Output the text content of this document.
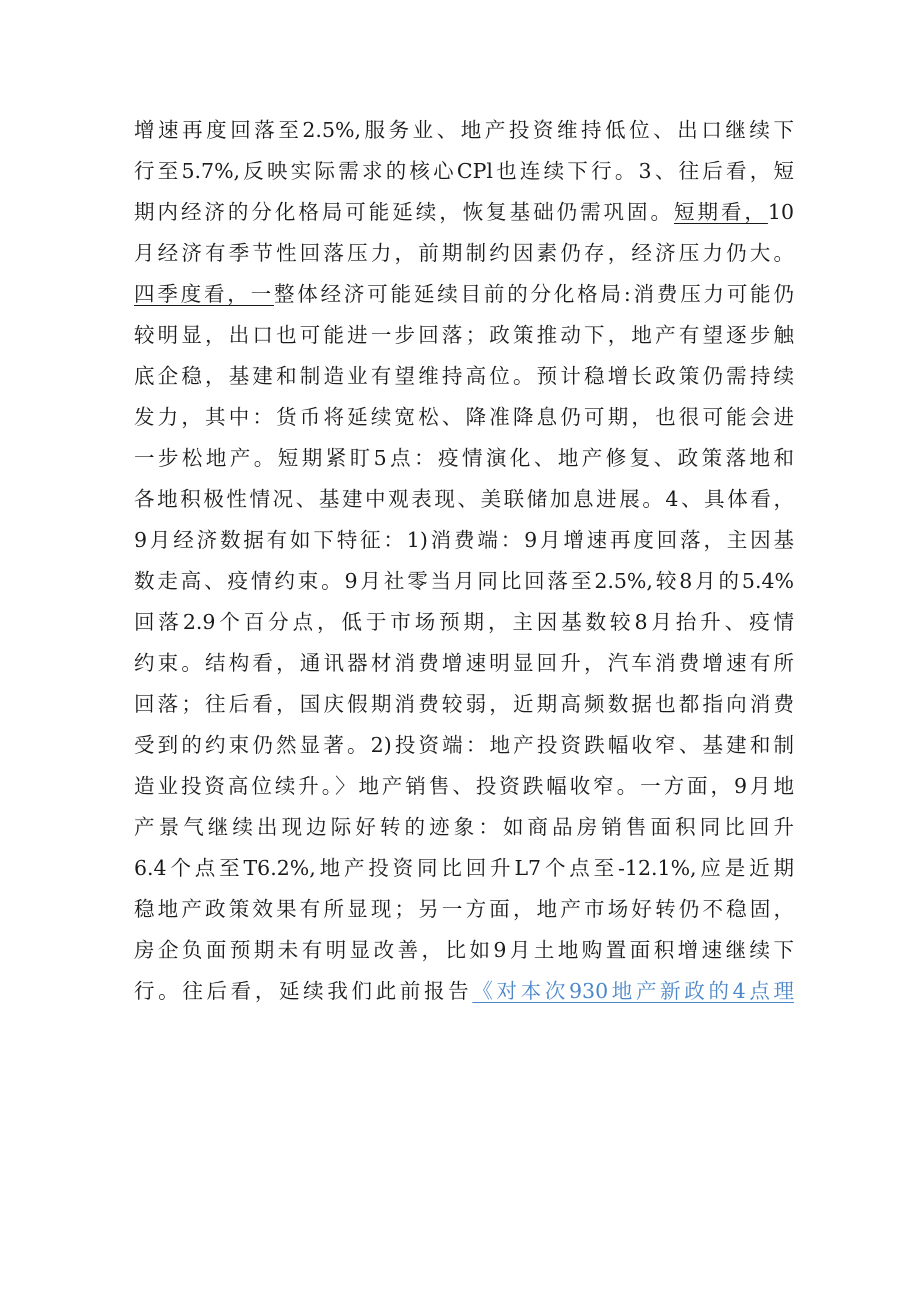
增速再度回落至2.5%,服务业、地产投资维持低位、出口继续下
行至5.7%,反映实际需求的核心CPl也连续下行。3、往后看，短
期内经济的分化格局可能延续，恢复基础仍需巩固。短期看，10
月经济有季节性回落压力，前期制约因素仍存，经济压力仍大。
四季度看，一整体经济可能延续目前的分化格局:消费压力可能仍
较明显，出口也可能进一步回落；政策推动下，地产有望逐步触
底企稳，基建和制造业有望维持高位。预计稳增长政策仍需持续
发力，其中：货币将延续宽松、降准降息仍可期，也很可能会进
一步松地产。短期紧盯5点：疫情演化、地产修复、政策落地和
各地积极性情况、基建中观表现、美联储加息进展。4、具体看，
9月经济数据有如下特征：1)消费端：9月增速再度回落，主因基
数走高、疫情约束。9月社零当月同比回落至2.5%,较8月的5.4%
回落2.9个百分点，低于市场预期，主因基数较8月抬升、疫情
约束。结构看，通讯器材消费增速明显回升，汽车消费增速有所
回落；往后看，国庆假期消费较弱，近期高频数据也都指向消费
受到的约束仍然显著。2)投资端：地产投资跌幅收窄、基建和制
造业投资高位续升。〉地产销售、投资跌幅收窄。一方面，9月地
产景气继续出现边际好转的迹象：如商品房销售面积同比回升
6.4个点至T6.2%,地产投资同比回升L7个点至-12.1%,应是近期
稳地产政策效果有所显现；另一方面，地产市场好转仍不稳固，
房企负面预期未有明显改善，比如9月土地购置面积增速继续下
行。往后看，延续我们此前报告《对本次930地产新政的4点理
